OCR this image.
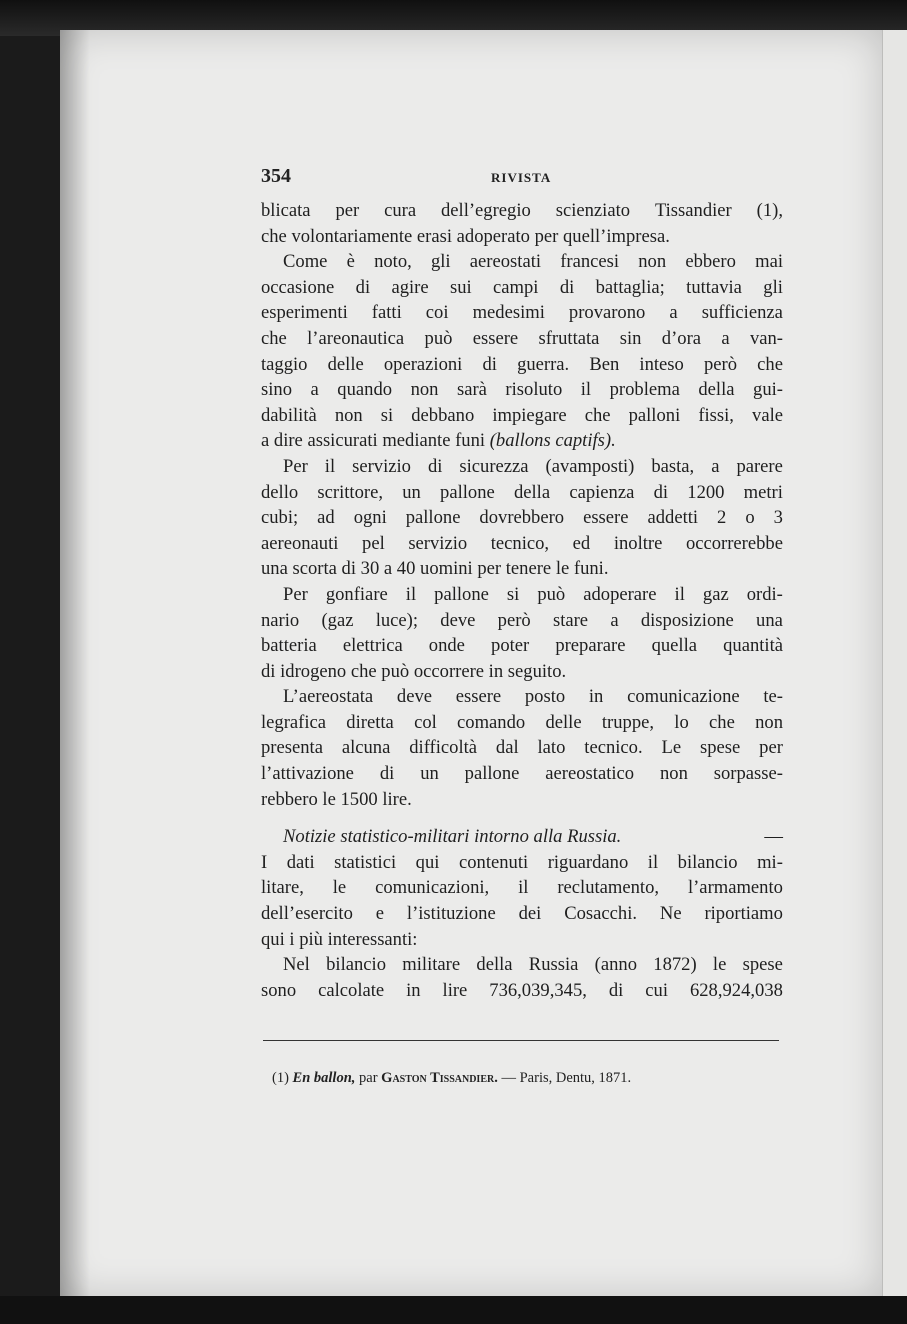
354	RIVISTA
blicata per cura dell’egregio scienziato Tissandier (1),
che volontariamente erasi adoperato per quell’impresa.
Come è noto, gli aereostati francesi non ebbero mai
occasione di agire sui campi di battaglia; tuttavia gli
esperimenti fatti coi medesimi provarono a sufficienza
che l’areonautica può essere sfruttata sin d’ora a van-
taggio delle operazioni di guerra. Ben inteso però che
sino a quando non sarà risoluto il problema della gui-
dabilità non si debbano impiegare che palloni fissi, vale
a dire assicurati mediante funi
(ballons captifs).
Per il servizio di sicurezza (avamposti) basta, a parere
dello scrittore, un pallone della capienza di 1200 metri
cubi; ad ogni pallone dovrebbero essere addetti 2 o 3
aereonauti pel servizio tecnico, ed inoltre occorrerebbe
una scorta di 30 a 40 uomini per tenere le funi.
Per gonfiare il pallone si può adoperare il gaz ordi-
nario (gaz luce); deve però stare a disposizione una
batteria elettrica onde poter preparare quella quantità
di idrogeno che può occorrere in seguito.
L’aereostata deve essere posto in comunicazione te-
legrafica diretta col comando delle truppe, lo che non
presenta alcuna difficoltà dal lato tecnico. Le spese per
l’attivazione di un pallone aereostatico non sorpasse-
rebbero le 1500 lire.
Notizie statistico-militari intorno alla Russia.	—
I dati statistici qui contenuti riguardano il bilancio mi-
litare, le comunicazioni, il reclutamento, l’armamento
dell’esercito e l’istituzione dei Cosacchi. Ne riportiamo
qui i più interessanti:
Nel bilancio militare della Russia (anno 1872) le spese
sono calcolate in lire 736,039,345, di cui 628,924,038
(1) En ballon, par Gaston Tissandier. — Paris, Dentu, 1871.
